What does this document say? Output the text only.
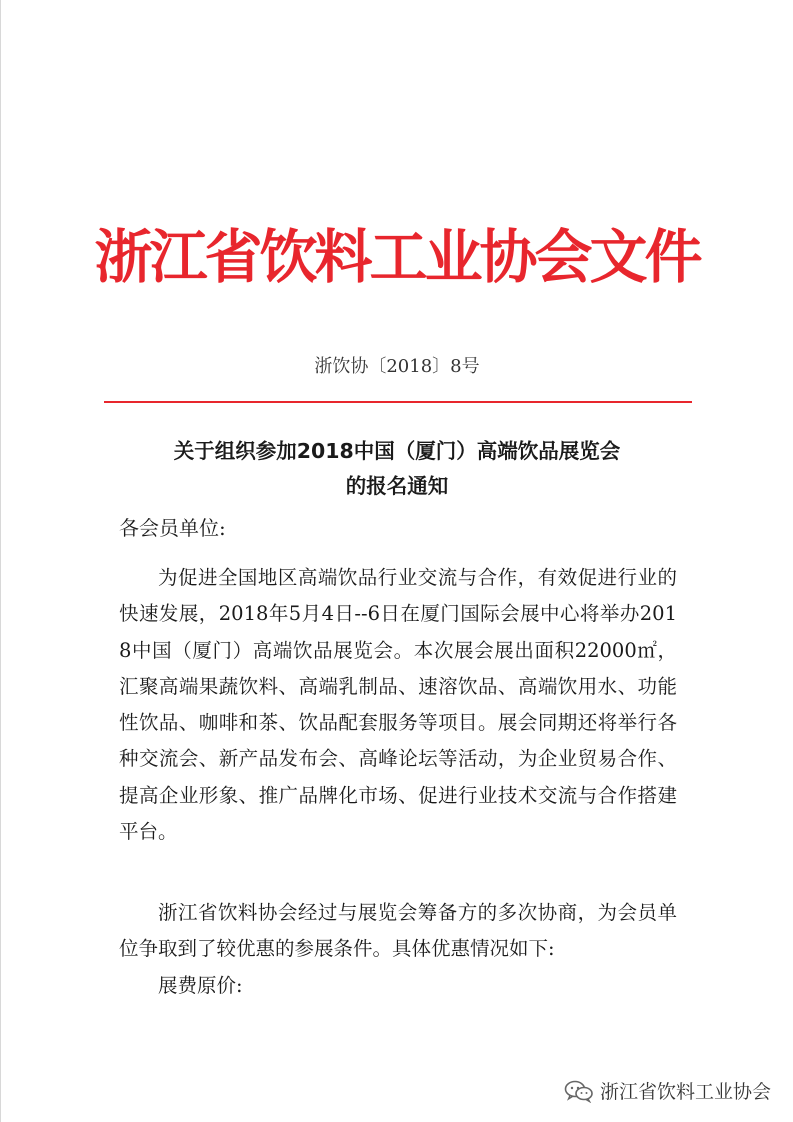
浙江省饮料工业协会文件
浙饮协〔2018〕8号
关于组织参加2018中国（厦门）高端饮品展览会
的报名通知
各会员单位:
为促进全国地区高端饮品行业交流与合作，有效促进行业的快速发展，2018年5月4日--6日在厦门国际会展中心将举办2018中国（厦门）高端饮品展览会。本次展会展出面积22000㎡，汇聚高端果蔬饮料、高端乳制品、速溶饮品、高端饮用水、功能性饮品、咖啡和茶、饮品配套服务等项目。展会同期还将举行各种交流会、新产品发布会、高峰论坛等活动，为企业贸易合作、提高企业形象、推广品牌化市场、促进行业技术交流与合作搭建平台。
浙江省饮料协会经过与展览会筹备方的多次协商，为会员单位争取到了较优惠的参展条件。具体优惠情况如下:
展费原价:
浙江省饮料工业协会
